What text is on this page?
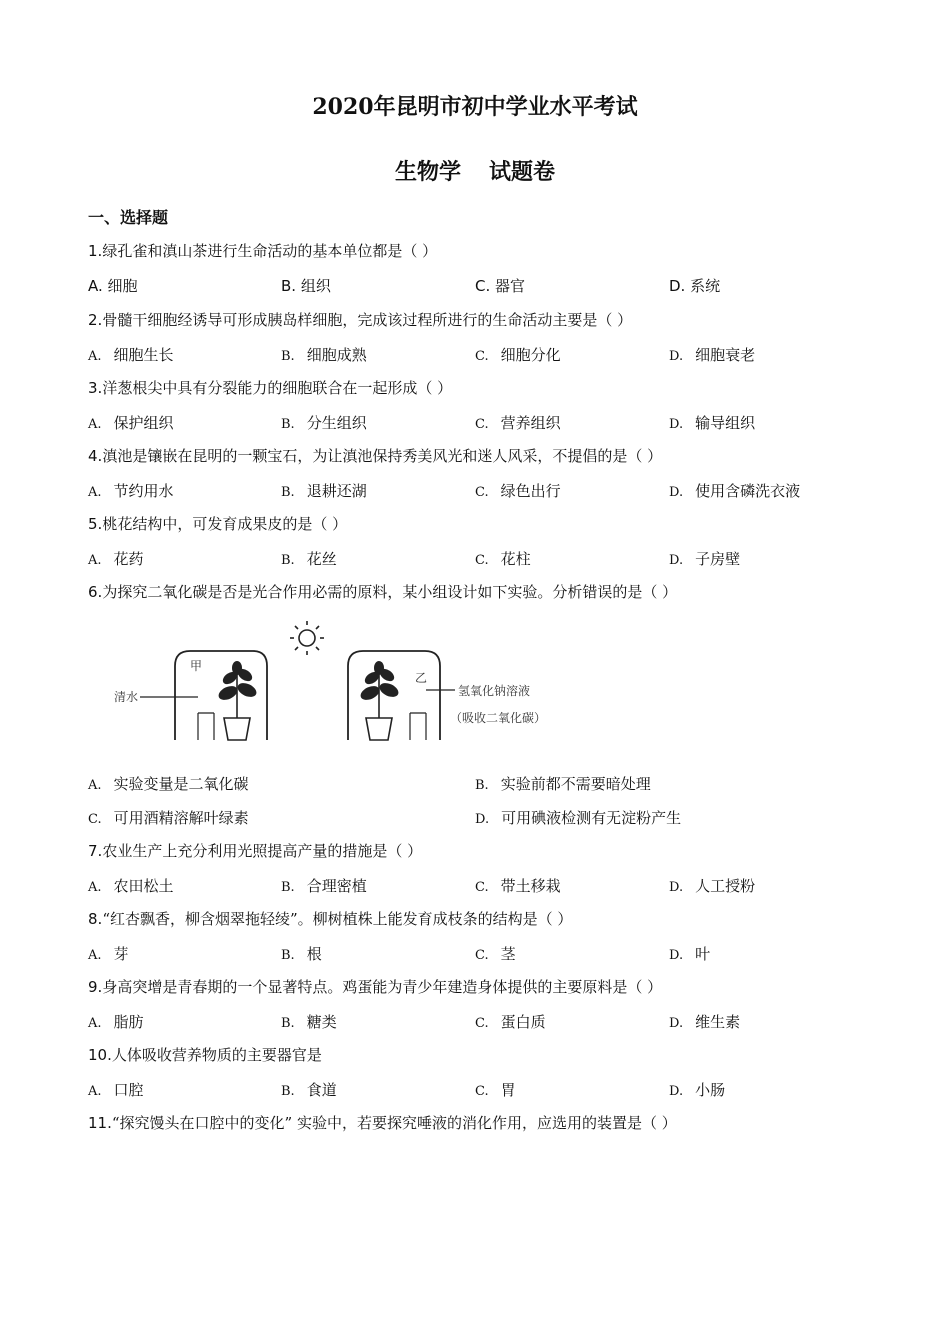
2020年昆明市初中学业水平考试
生物学 试题卷
一、选择题
1.绿孔雀和滇山茶进行生命活动的基本单位都是（ ）
A. 细胞	B. 组织	C. 器官	D. 系统
2.骨髓干细胞经诱导可形成胰岛样细胞，完成该过程所进行的生命活动主要是（ ）
A. 细胞生长	B. 细胞成熟	C. 细胞分化	D. 细胞衰老
3.洋葱根尖中具有分裂能力的细胞联合在一起形成（ ）
A. 保护组织	B. 分生组织	C. 营养组织	D. 输导组织
4.滇池是镶嵌在昆明的一颗宝石，为让滇池保持秀美风光和迷人风采，不提倡的是（ ）
A. 节约用水	B. 退耕还湖	C. 绿色出行	D. 使用含磷洗衣液
5.桃花结构中，可发育成果皮的是（ ）
A. 花药	B. 花丝	C. 花柱	D. 子房壁
6.为探究二氧化碳是否是光合作用必需的原料，某小组设计如下实验。分析错误的是（ ）
甲
清水
乙
氢氧化钠溶液
（吸收二氧化碳）
A. 实验变量是二氧化碳	B. 实验前都不需要暗处理
C. 可用酒精溶解叶绿素	D. 可用碘液检测有无淀粉产生
7.农业生产上充分利用光照提高产量的措施是（ ）
A. 农田松土	B. 合理密植	C. 带土移栽	D. 人工授粉
8.“红杏飘香，柳含烟翠拖轻绫”。柳树植株上能发育成枝条的结构是（ ）
A. 芽	B. 根	C. 茎	D. 叶
9.身高突增是青春期的一个显著特点。鸡蛋能为青少年建造身体提供的主要原料是（ ）
A. 脂肪	B. 糖类	C. 蛋白质	D. 维生素
10.人体吸收营养物质的主要器官是
A. 口腔	B. 食道	C. 胃	D. 小肠
11.“探究馒头在口腔中的变化” 实验中，若要探究唾液的消化作用，应选用的装置是（ ）
